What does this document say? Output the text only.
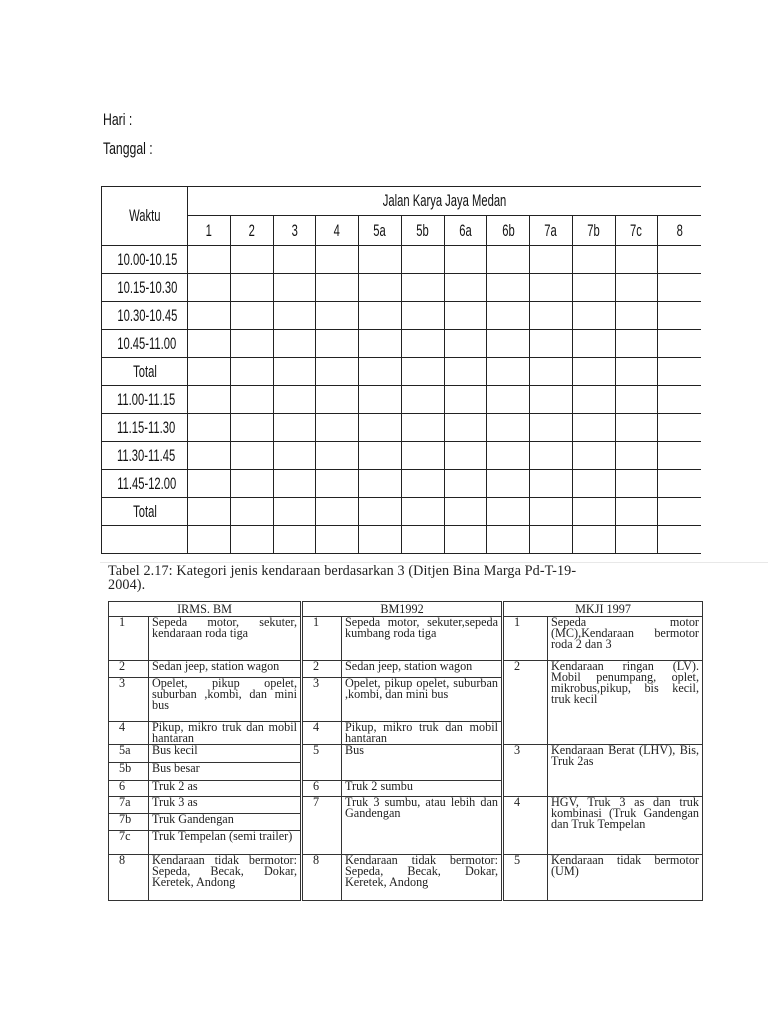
Hari :
Tanggal :
Waktu	Jalan Karya Jaya Medan											
	1	2	3	4	5a	5b	6a	6b	7a	7b	7c	8
10.00-10.15												
10.15-10.30												
10.30-10.45												
10.45-11.00												
Total												
11.00-11.15												
11.15-11.30												
11.30-11.45												
11.45-12.00												
Total												

Tabel 2.17: Kategori jenis kendaraan berdasarkan 3 (Ditjen Bina Marga Pd-T-19-
2004).
IRMS. BM		BM1992		MKJI 1997	
1	Sepeda motor, sekuter, kendaraan roda tiga	1	Sepeda motor, sekuter,sepeda kumbang roda tiga	1	Sepeda motor (MC),Kendaraan bermotor roda 2 dan 3
2	Sedan jeep, station wagon	2	Sedan jeep, station wagon	2	Kendaraan ringan (LV). Mobil penumpang, oplet, mikrobus,pikup, bis kecil, truk kecil
3	Opelet, pikup opelet, suburban ,kombi, dan mini bus	3	Opelet, pikup opelet, suburban ,kombi, dan mini bus		
4	Pikup, mikro truk dan mobil hantaran	4	Pikup, mikro truk dan mobil hantaran		
5a	Bus kecil	5	Bus	3	Kendaraan Berat (LHV), Bis, Truk 2as
5b	Bus besar				
6	Truk 2 as	6	Truk 2 sumbu		
7a	Truk 3 as	7	Truk 3 sumbu, atau lebih dan Gandengan	4	HGV, Truk 3 as dan truk kombinasi (Truk Gandengan dan Truk Tempelan
7b	Truk Gandengan				
7c	Truk Tempelan (semi trailer)				
8	Kendaraan tidak bermotor: Sepeda, Becak, Dokar, Keretek, Andong	8	Kendaraan tidak bermotor: Sepeda, Becak, Dokar, Keretek, Andong	5	Kendaraan tidak bermotor (UM)
